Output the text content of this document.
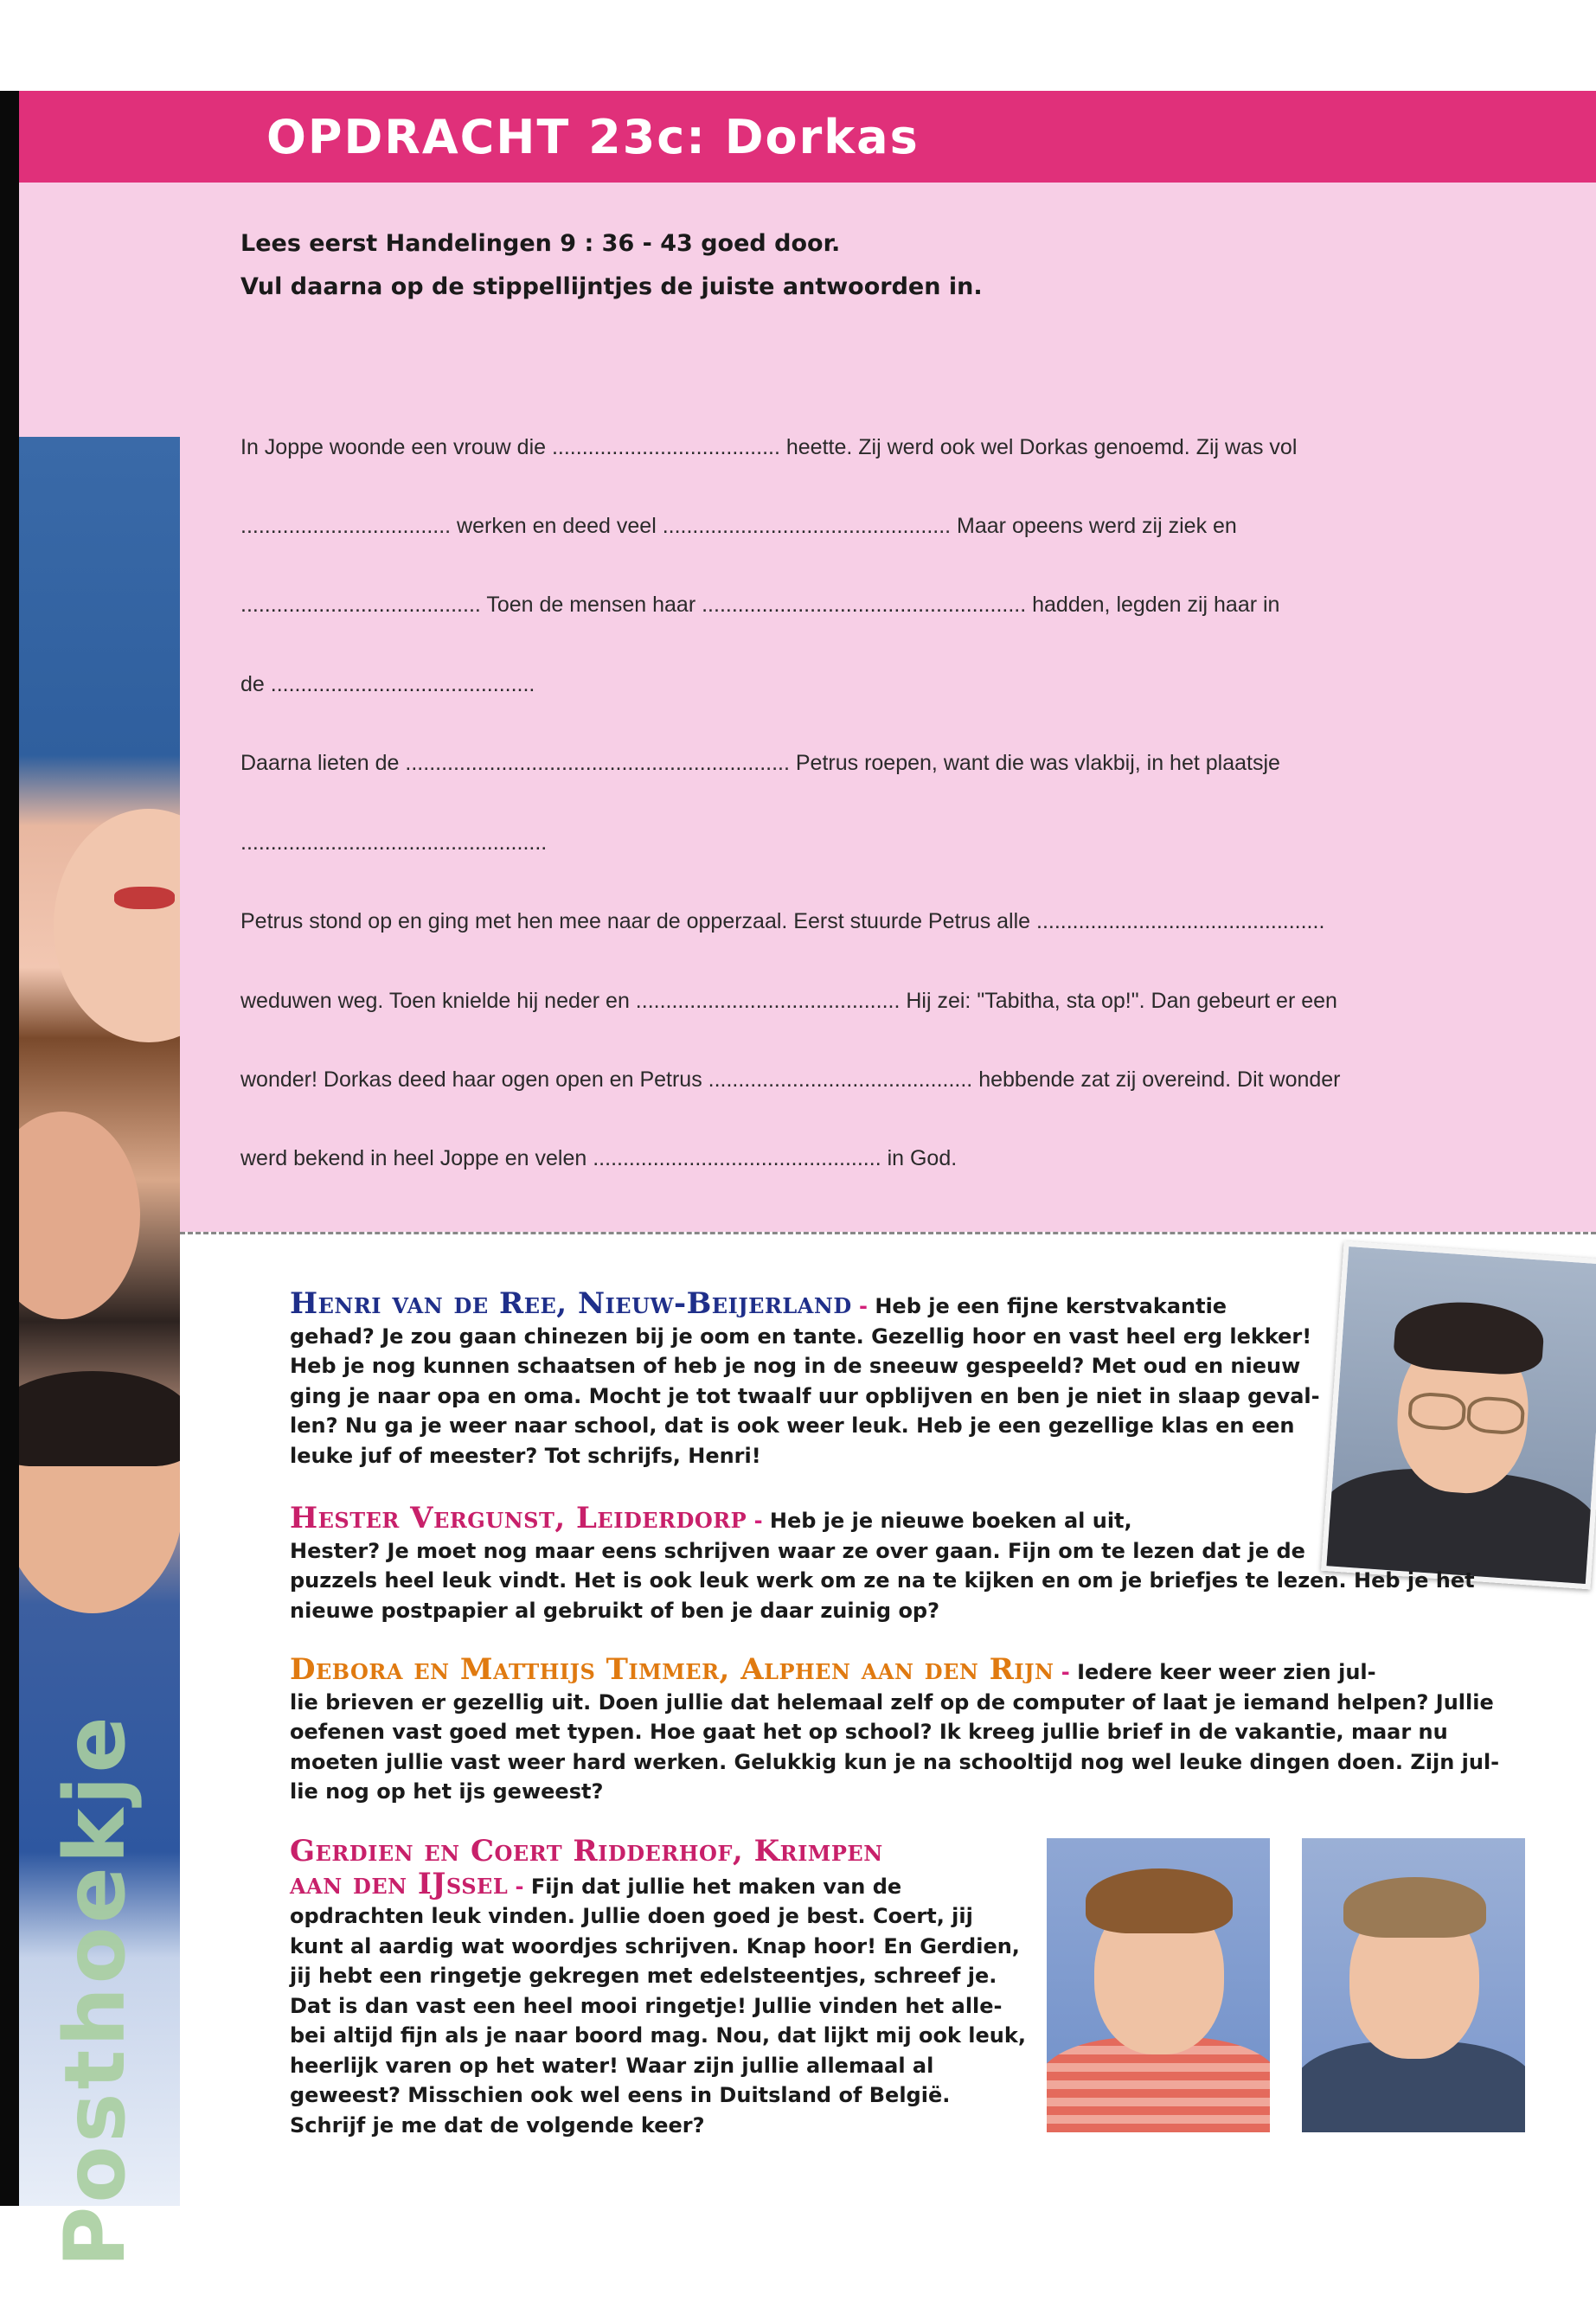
OPDRACHT 23c: Dorkas
Lees eerst Handelingen 9 : 36 - 43 goed door.
Vul daarna op de stippellijntjes de juiste antwoorden in.
In Joppe woonde een vrouw die ...................................... heette. Zij werd ook wel Dorkas genoemd. Zij was vol
................................... werken en deed veel ................................................ Maar opeens werd zij ziek en
........................................ Toen de mensen haar ...................................................... hadden, legden zij haar in
de ............................................
Daarna lieten de ................................................................ Petrus roepen, want die was vlakbij, in het plaatsje
...................................................
Petrus stond op en ging met hen mee naar de opperzaal. Eerst stuurde Petrus alle ................................................
weduwen weg. Toen knielde hij neder en ............................................ Hij zei: "Tabitha, sta op!". Dan gebeurt er een
wonder! Dorkas deed haar ogen open en Petrus ............................................ hebbende zat zij overeind. Dit wonder
werd bekend in heel Joppe en velen ................................................ in God.
Posthoekje

Henri van de Ree, Nieuw-Beijerland - Heb je een fijne kerstvakantie

gehad? Je zou gaan chinezen bij je oom en tante. Gezellig hoor en vast heel erg lekker!

Heb je nog kunnen schaatsen of heb je nog in de sneeuw gespeeld? Met oud en nieuw

ging je naar opa en oma. Mocht je tot twaalf uur opblijven en ben je niet in slaap geval-

len? Nu ga je weer naar school, dat is ook weer leuk. Heb je een gezellige klas en een

leuke juf of meester? Tot schrijfs, Henri!

Hester Vergunst, Leiderdorp - Heb je je nieuwe boeken al uit,

Hester? Je moet nog maar eens schrijven waar ze over gaan. Fijn om te lezen dat je de

puzzels heel leuk vindt. Het is ook leuk werk om ze na te kijken en om je briefjes te lezen. Heb je het

nieuwe postpapier al gebruikt of ben je daar zuinig op?

Debora en Matthijs Timmer, Alphen aan den Rijn - Iedere keer weer zien jul-

lie brieven er gezellig uit. Doen jullie dat helemaal zelf op de computer of laat je iemand helpen? Jullie

oefenen vast goed met typen. Hoe gaat het op school? Ik kreeg jullie brief in de vakantie, maar nu

moeten jullie vast weer hard werken. Gelukkig kun je na schooltijd nog wel leuke dingen doen. Zijn jul-

lie nog op het ijs geweest?

Gerdien en Coert Ridderhof, Krimpen

aan den IJssel - Fijn dat jullie het maken van de

opdrachten leuk vinden. Jullie doen goed je best. Coert, jij

kunt al aardig wat woordjes schrijven. Knap hoor! En Gerdien,

jij hebt een ringetje gekregen met edelsteentjes, schreef je.

Dat is dan vast een heel mooi ringetje! Jullie vinden het alle-

bei altijd fijn als je naar boord mag. Nou, dat lijkt mij ook leuk,

heerlijk varen op het water! Waar zijn jullie allemaal al

geweest? Misschien ook wel eens in Duitsland of België.

Schrijf je me dat de volgende keer?
